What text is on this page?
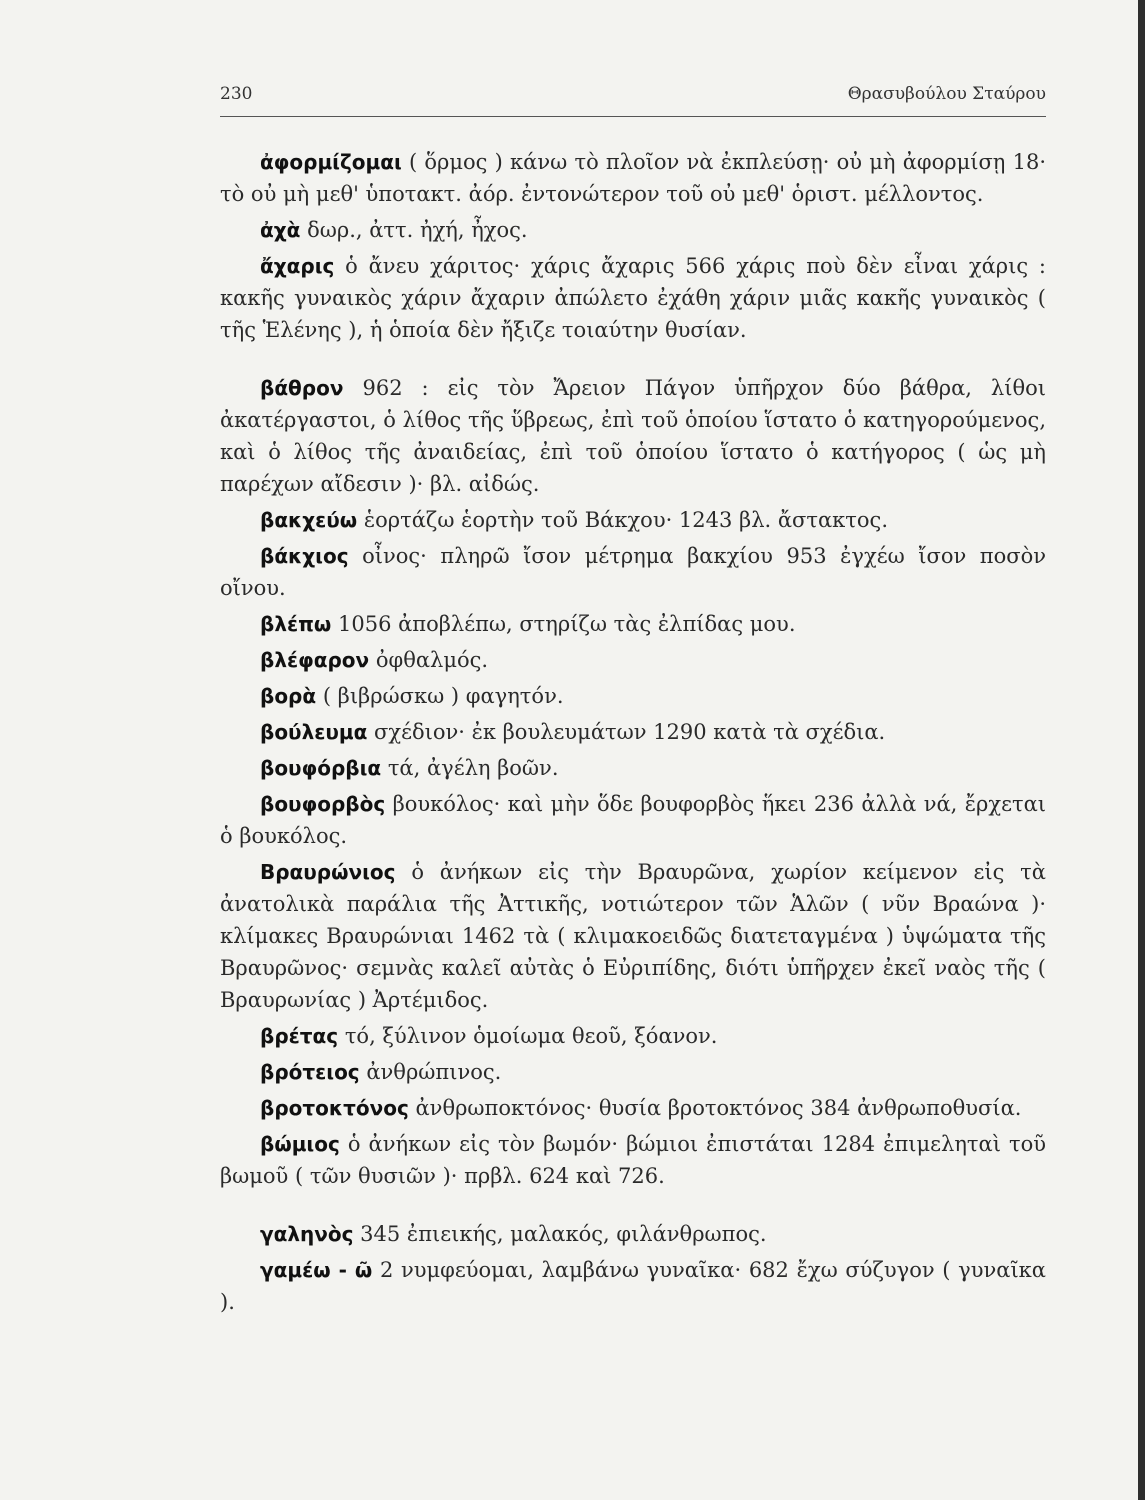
230	Θρασυβούλου Σταύρου

ἀφορμίζομαι ( ὅρμος ) κάνω τὸ πλοῖον νὰ ἐκπλεύσῃ· οὐ μὴ ἀφορμίσῃ 18· τὸ οὐ μὴ μεθ' ὑποτακτ. ἀόρ. ἐντονώτερον τοῦ οὐ μεθ' ὁριστ. μέλλοντος.

ἀχὰ δωρ., ἀττ. ἠχή, ἦχος.

ἄχαρις ὁ ἄνευ χάριτος· χάρις ἄχαρις 566 χάρις ποὺ δὲν εἶναι χάρις : κακῆς γυναικὸς χάριν ἄχαριν ἀπώλετο ἐχάθη χάριν μιᾶς κακῆς γυναικὸς ( τῆς Ἑλένης ), ἡ ὁποία δὲν ἤξιζε τοιαύτην θυσίαν.

βάθρον 962 : εἰς τὸν Ἄρειον Πάγον ὑπῆρχον δύο βάθρα, λίθοι ἀκατέργαστοι, ὁ λίθος τῆς ὕβρεως, ἐπὶ τοῦ ὁποίου ἵστατο ὁ κατηγορούμενος, καὶ ὁ λίθος τῆς ἀναιδείας, ἐπὶ τοῦ ὁποίου ἵστατο ὁ κατήγορος ( ὡς μὴ παρέχων αἴδεσιν )· βλ. αἰδώς.

βακχεύω ἑορτάζω ἑορτὴν τοῦ Βάκχου· 1243 βλ. ἄστακτος.

βάκχιος οἶνος· πληρῶ ἴσον μέτρημα βακχίου 953 ἐγχέω ἴσον ποσὸν οἴνου.

βλέπω 1056 ἀποβλέπω, στηρίζω τὰς ἐλπίδας μου.

βλέφαρον ὀφθαλμός.

βορὰ ( βιβρώσκω ) φαγητόν.

βούλευμα σχέδιον· ἐκ βουλευμάτων 1290 κατὰ τὰ σχέδια.

βουφόρβια τά, ἀγέλη βοῶν.

βουφορβὸς βουκόλος· καὶ μὴν ὅδε βουφορβὸς ἥκει 236 ἀλλὰ νά, ἔρχεται ὁ βουκόλος.

Βραυρώνιος ὁ ἀνήκων εἰς τὴν Βραυρῶνα, χωρίον κείμενον εἰς τὰ ἀνατολικὰ παράλια τῆς Ἀττικῆς, νοτιώτερον τῶν Ἁλῶν ( νῦν Βραώνα )· κλίμακες Βραυρώνιαι 1462 τὰ ( κλιμακοειδῶς διατεταγμένα ) ὑψώματα τῆς Βραυρῶνος· σεμνὰς καλεῖ αὐτὰς ὁ Εὐριπίδης, διότι ὑπῆρχεν ἐκεῖ ναὸς τῆς ( Βραυρωνίας ) Ἀρτέμιδος.

βρέτας τό, ξύλινον ὁμοίωμα θεοῦ, ξόανον.

βρότειος ἀνθρώπινος.

βροτοκτόνος ἀνθρωποκτόνος· θυσία βροτοκτόνος 384 ἀνθρωποθυσία.

βώμιος ὁ ἀνήκων εἰς τὸν βωμόν· βώμιοι ἐπιστάται 1284 ἐπιμεληταὶ τοῦ βωμοῦ ( τῶν θυσιῶν )· πρβλ. 624 καὶ 726.

γαληνὸς 345 ἐπιεικής, μαλακός, φιλάνθρωπος.

γαμέω - ῶ 2 νυμφεύομαι, λαμβάνω γυναῖκα· 682 ἔχω σύζυγον ( γυναῖκα ).
